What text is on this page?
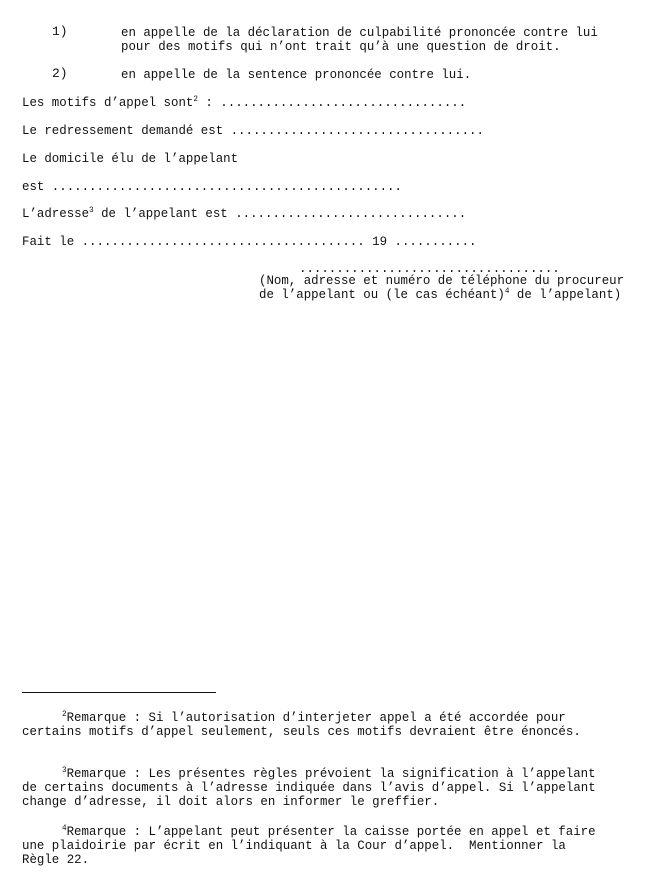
1)	en appelle de la déclaration de culpabilité prononcée contre lui
pour des motifs qui n’ont trait qu’à une question de droit.
2)	en appelle de la sentence prononcée contre lui.
Les motifs d’appel sont$^2$ : .................................
Le redressement demandé est ..................................
Le domicile élu de l’appelant
est ...............................................
L’adresse$^3$ de l’appelant est ...............................
Fait le ...................................... 19 ...........
...................................
(Nom, adresse et numéro de téléphone du procureur
de l’appelant ou (le cas échéant)$^4$ de l’appelant)
$^2$Remarque : Si l’autorisation d’interjeter appel a été accordée pour
certains motifs d’appel seulement, seuls ces motifs devraient être énoncés.
$^3$Remarque : Les présentes règles prévoient la signification à l’appelant
de certains documents à l’adresse indiquée dans l’avis d’appel. Si l’appelant
change d’adresse, il doit alors en informer le greffier.
$^4$Remarque : L’appelant peut présenter la caisse portée en appel et faire
une plaidoirie par écrit en l’indiquant à la Cour d’appel.  Mentionner la
Règle 22.
